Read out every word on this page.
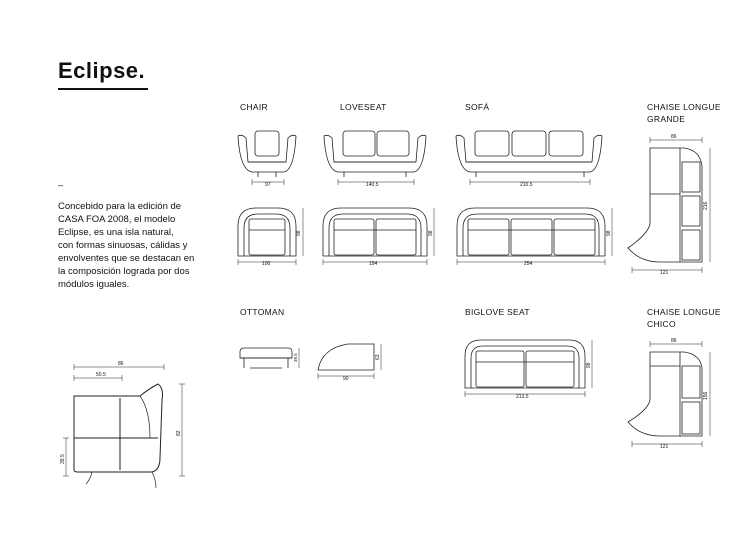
Eclipse.
–
Concebido para la edición de
CASA FOA 2008, el modelo
Eclipse, es una isla natural,
con formas sinuosas, cálidas y
envolventes que se destacan en
la composición lograda por dos
módulos iguales.
CHAIR	LOVESEAT	SOFÁ	CHAISE LONGUE
GRANDE
OTTOMAN	BIGLOVE SEAT	CHAISE LONGUE
CHICO
97	140.5	210.5
100
98
194
98
254
98
86
216
121
39.5
90
63
213.5
98
86
156
121
86
50.5
82
39.5
